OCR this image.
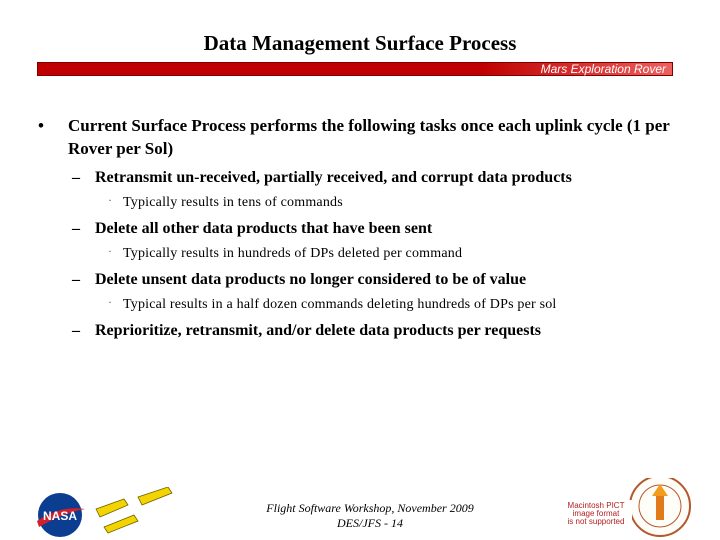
Data Management Surface Process
Mars Exploration Rover
• Current Surface Process performs the following tasks once each uplink cycle (1 per Rover per Sol)
– Retransmit un-received, partially received, and corrupt data products
· Typically results in tens of commands
– Delete all other data products that have been sent
· Typically results in hundreds of DPs deleted per command
– Delete unsent data products no longer considered to be of value
· Typical results in a half dozen commands deleting hundreds of DPs per sol
– Reprioritize, retransmit, and/or delete data products per requests
Flight Software Workshop, November 2009
DES/JFS - 14
NASA
Macintosh PICT
image format
is not supported
